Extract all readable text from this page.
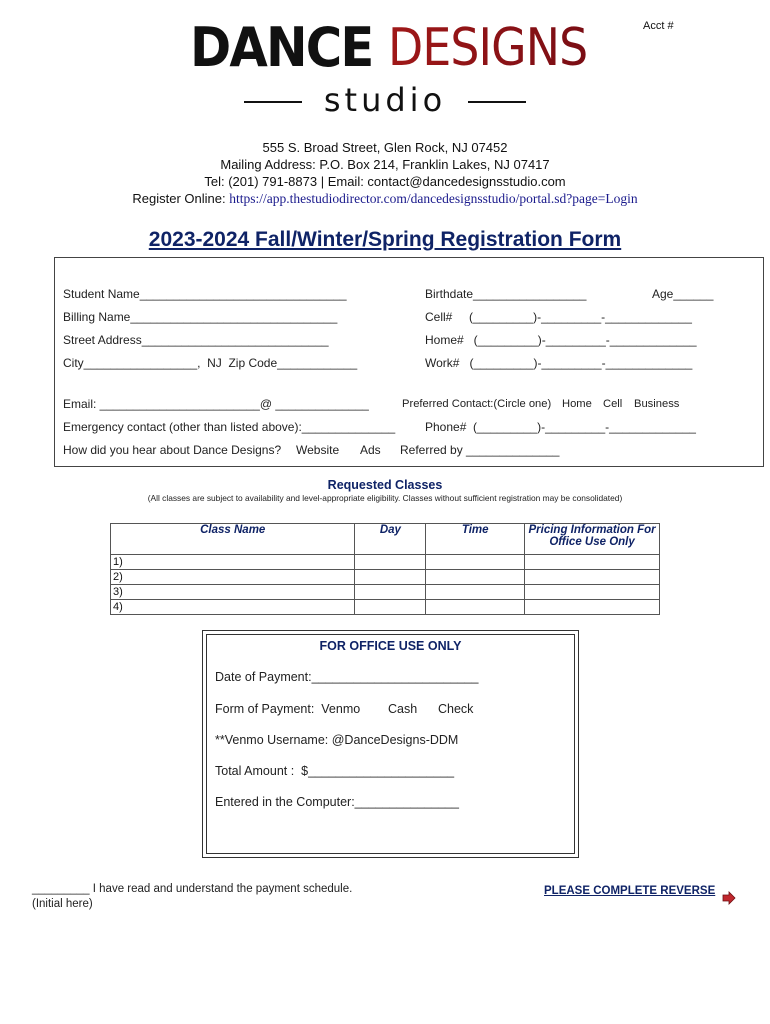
Acct #
DANCE DESIGNS
studio
555 S. Broad Street, Glen Rock, NJ 07452
Mailing Address: P.O. Box 214, Franklin Lakes, NJ 07417
Tel: (201) 791-8873 | Email: contact@dancedesignsstudio.com
Register Online: https://app.thestudiodirector.com/dancedesignsstudio/portal.sd?page=Login
2023-2024 Fall/Winter/Spring Registration Form
Student Name_______________________________	Birthdate_________________	Age______
Billing Name_______________________________	Cell#     (_________)-_________-_____________
Street Address____________________________	Home#   (_________)-_________-_____________
City_________________,  NJ  Zip Code____________	Work#   (_________)-_________-_____________
Email: ________________________@ ______________	Preferred Contact:(Circle one) Home Cell Business
Emergency contact (other than listed above):______________ Phone#  (_________)-_________-_____________
How did you hear about Dance Designs? Website Ads Referred by ______________
Requested Classes
(All classes are subject to availability and level-appropriate eligibility. Classes without sufficient registration may be consolidated)
Class Name	Day	Time	Pricing Information For Office Use Only
1)			
2)			
3)			
4)			
FOR OFFICE USE ONLY
Date of Payment:________________________
Form of Payment:  Venmo        Cash      Check
**Venmo Username: @DanceDesigns-DDM
Total Amount :  $_____________________
Entered in the Computer:_______________
_________ I have read and understand the payment schedule.
(Initial here)
PLEASE COMPLETE REVERSE
